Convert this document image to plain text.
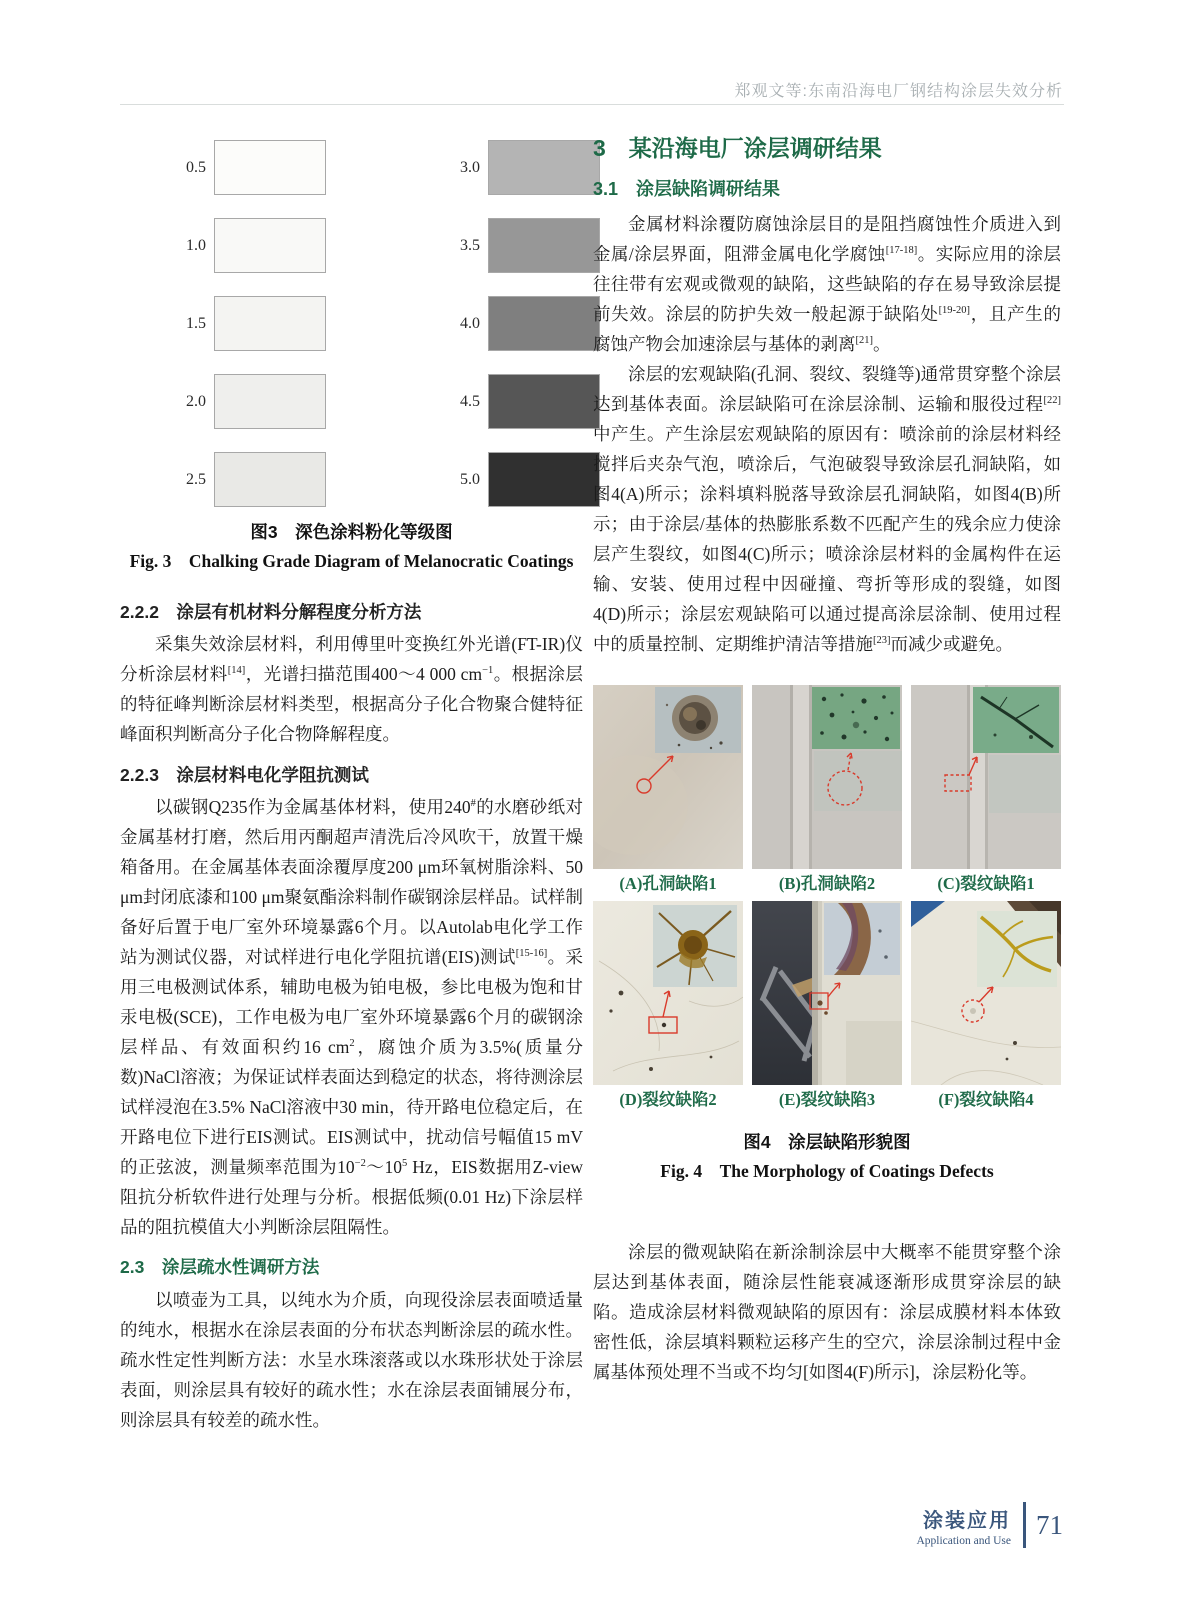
郑观文等:东南沿海电厂钢结构涂层失效分析
0.5
1.0
1.5
2.0
2.5
3.0
3.5
4.0
4.5
5.0
图3　深色涂料粉化等级图
Fig. 3　Chalking Grade Diagram of Melanocratic Coatings
2.2.2　涂层有机材料分解程度分析方法

采集失效涂层材料，利用傅里叶变换红外光谱(FT-IR)仪分析涂层材料[14]，光谱扫描范围400～4 000 $cm^{-1}$。根据涂层的特征峰判断涂层材料类型，根据高分子化合物聚合健特征峰面积判断高分子化合物降解程度。

2.2.3　涂层材料电化学阻抗测试

以碳钢Q235作为金属基体材料，使用240#的水磨砂纸对金属基材打磨，然后用丙酮超声清洗后冷风吹干，放置干燥箱备用。在金属基体表面涂覆厚度200 μm环氧树脂涂料、50 μm封闭底漆和100 μm聚氨酯涂料制作碳钢涂层样品。试样制备好后置于电厂室外环境暴露6个月。以Autolab电化学工作站为测试仪器，对试样进行电化学阻抗谱(EIS)测试[15-16]。采用三电极测试体系，辅助电极为铂电极，参比电极为饱和甘汞电极(SCE)，工作电极为电厂室外环境暴露6个月的碳钢涂层样品、有效面积约16 $cm^2$，腐蚀介质为3.5%(质量分数)NaCl溶液；为保证试样表面达到稳定的状态，将待测涂层试样浸泡在3.5% NaCl溶液中30 min，待开路电位稳定后，在开路电位下进行EIS测试。EIS测试中，扰动信号幅值15 mV的正弦波，测量频率范围为$10^{-2}\sim 10^5$ Hz，EIS数据用Z-view阻抗分析软件进行处理与分析。根据低频(0.01 Hz)下涂层样品的阻抗模值大小判断涂层阻隔性。

2.3　涂层疏水性调研方法

以喷壶为工具，以纯水为介质，向现役涂层表面喷适量的纯水，根据水在涂层表面的分布状态判断涂层的疏水性。疏水性定性判断方法：水呈水珠滚落或以水珠形状处于涂层表面，则涂层具有较好的疏水性；水在涂层表面铺展分布，则涂层具有较差的疏水性。

3　某沿海电厂涂层调研结果
3.1　涂层缺陷调研结果

金属材料涂覆防腐蚀涂层目的是阻挡腐蚀性介质进入到金属/涂层界面，阻滞金属电化学腐蚀[17-18]。实际应用的涂层往往带有宏观或微观的缺陷，这些缺陷的存在易导致涂层提前失效。涂层的防护失效一般起源于缺陷处[19-20]，且产生的腐蚀产物会加速涂层与基体的剥离[21]。

涂层的宏观缺陷(孔洞、裂纹、裂缝等)通常贯穿整个涂层达到基体表面。涂层缺陷可在涂层涂制、运输和服役过程[22]中产生。产生涂层宏观缺陷的原因有：喷涂前的涂层材料经搅拌后夹杂气泡，喷涂后，气泡破裂导致涂层孔洞缺陷，如图4(A)所示；涂料填料脱落导致涂层孔洞缺陷，如图4(B)所示；由于涂层/基体的热膨胀系数不匹配产生的残余应力使涂层产生裂纹，如图4(C)所示；喷涂涂层材料的金属构件在运输、安装、使用过程中因碰撞、弯折等形成的裂缝，如图4(D)所示；涂层宏观缺陷可以通过提高涂层涂制、使用过程中的质量控制、定期维护清洁等措施[23]而减少或避免。

(A)孔洞缺陷1	(B)孔洞缺陷2	(C)裂纹缺陷1
(D)裂纹缺陷2	(E)裂纹缺陷3	(F)裂纹缺陷4
图4　涂层缺陷形貌图
Fig. 4　The Morphology of Coatings Defects

涂层的微观缺陷在新涂制涂层中大概率不能贯穿整个涂层达到基体表面，随涂层性能衰减逐渐形成贯穿涂层的缺陷。造成涂层材料微观缺陷的原因有：涂层成膜材料本体致密性低，涂层填料颗粒运移产生的空穴，涂层涂制过程中金属基体预处理不当或不均匀[如图4(F)所示]，涂层粉化等。

涂装应用
Application and Use
71
